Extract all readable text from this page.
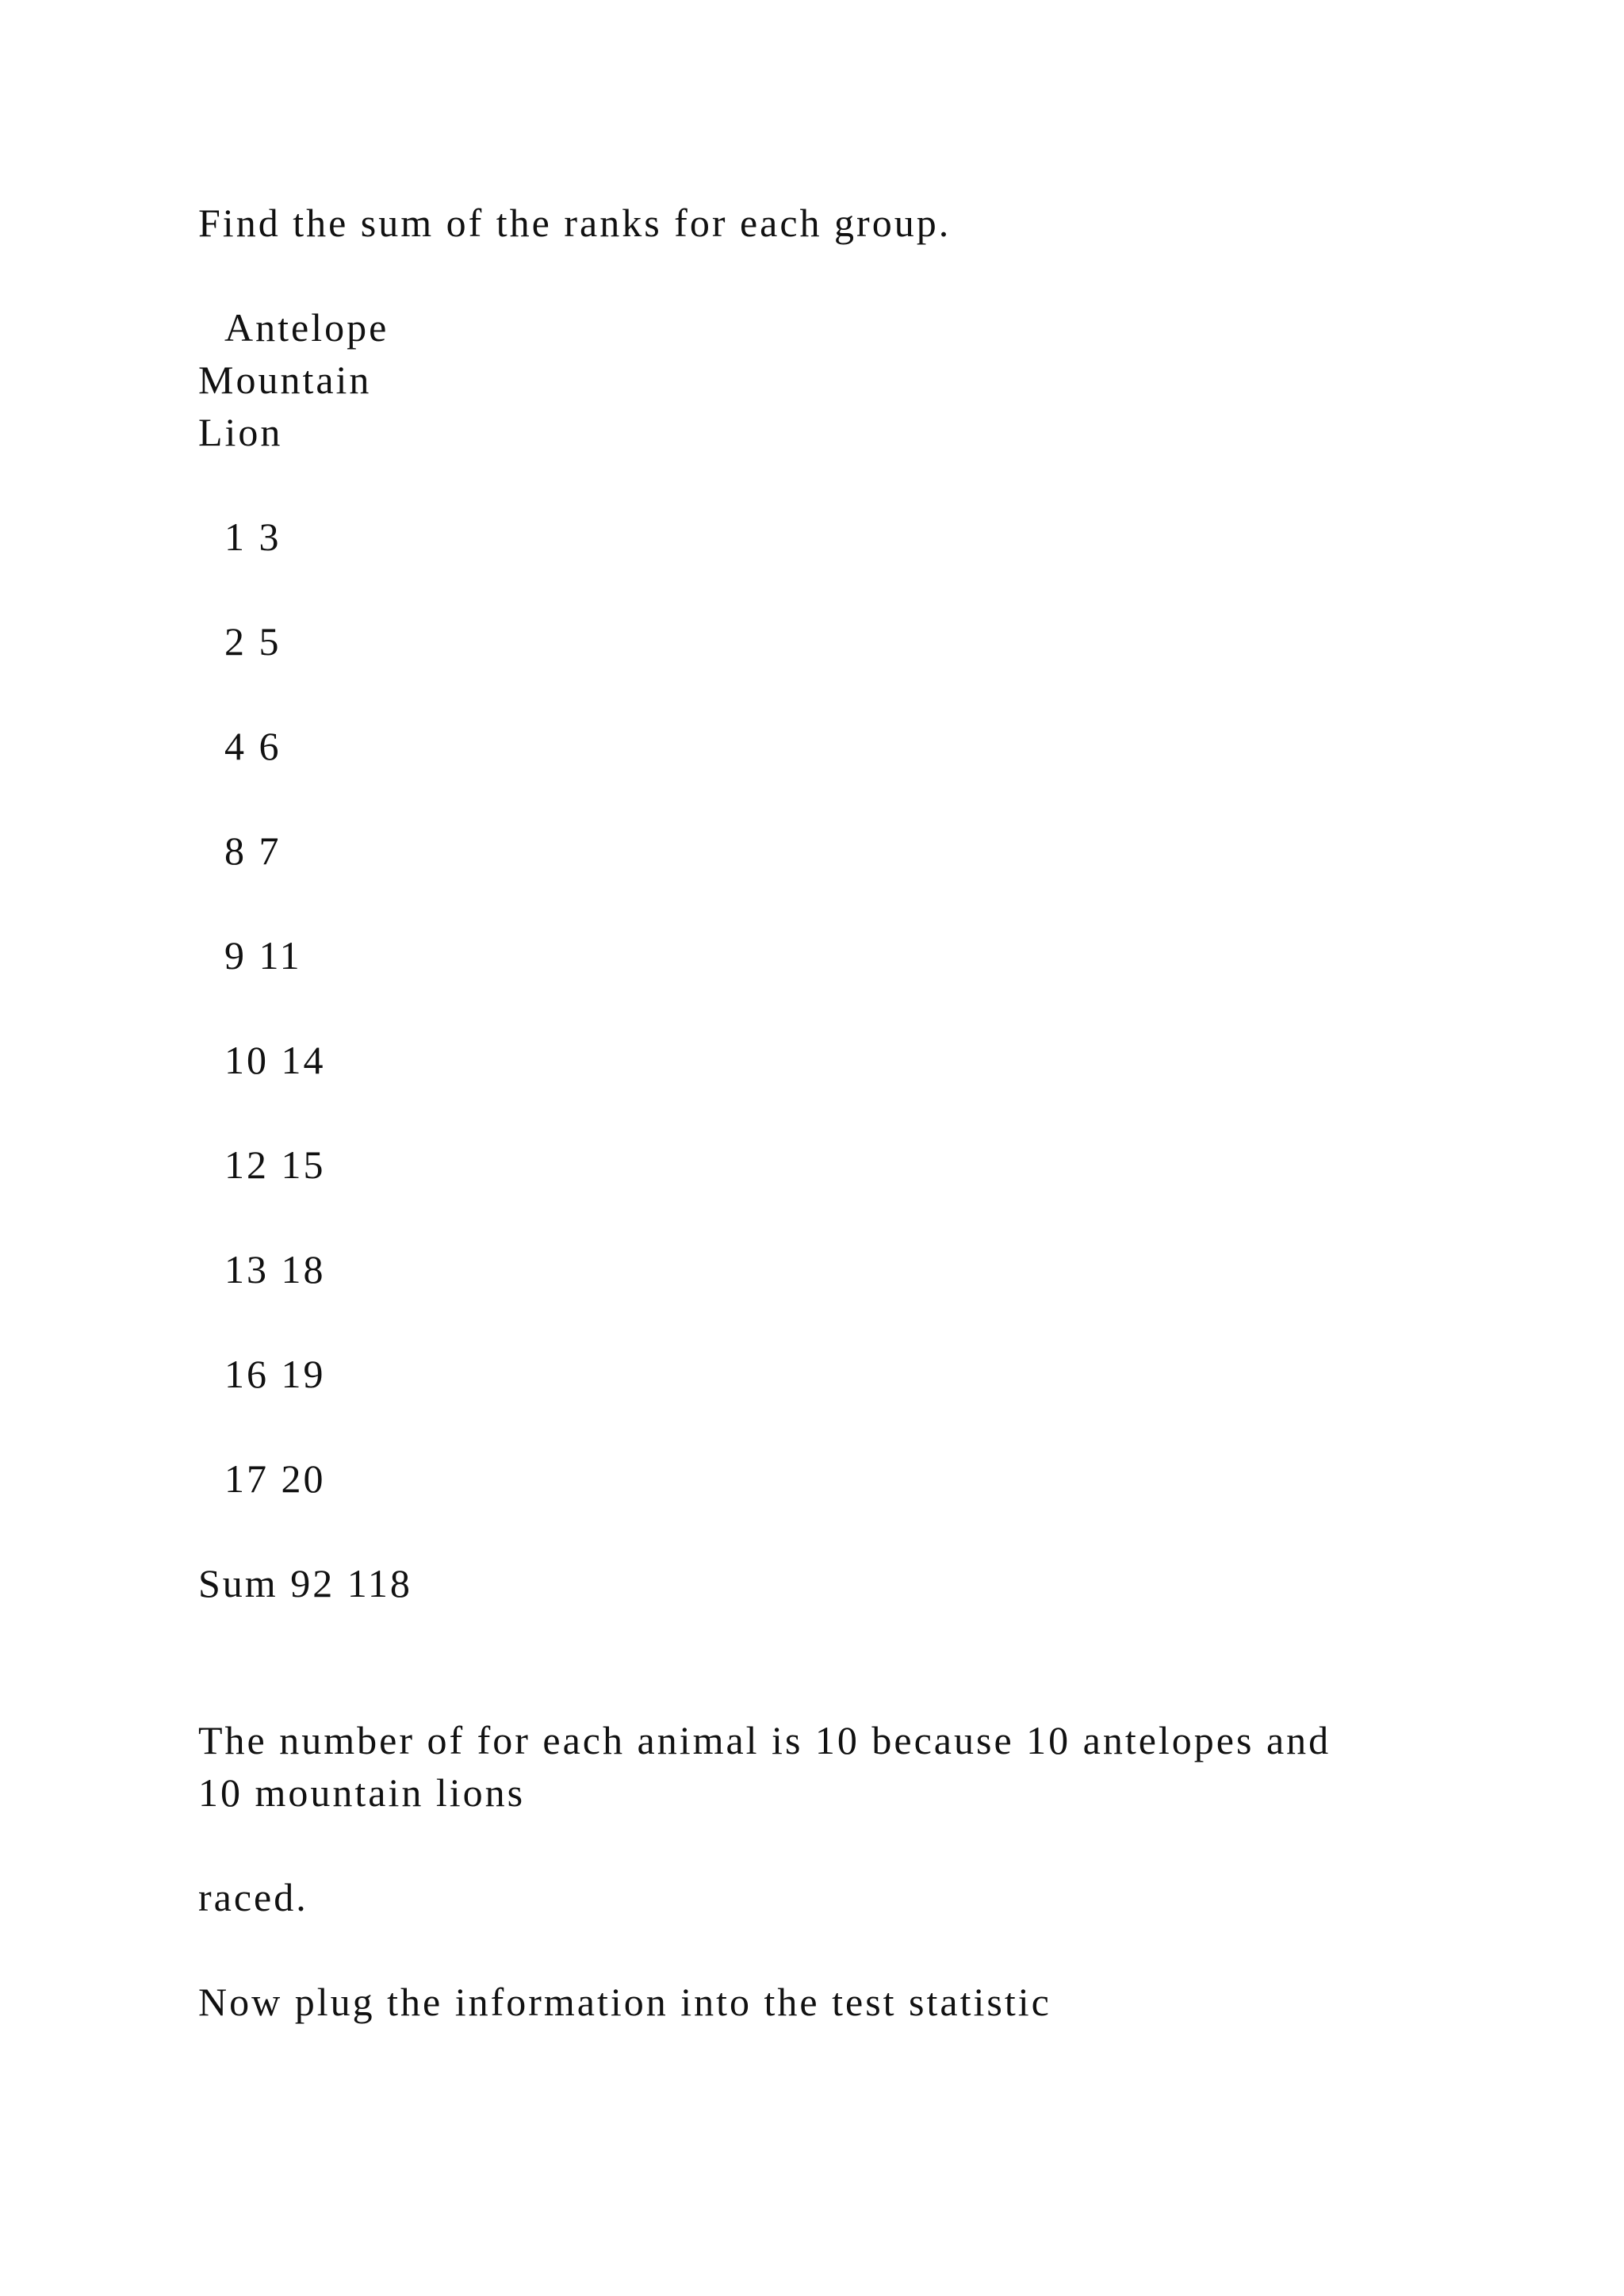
Find the sum of the ranks for each group.

Antelope

Mountain

Lion

1 3

2 5

4 6

8 7

9 11

10 14

12 15

13 18

16 19

17 20

Sum 92 118

The number of for each animal is 10 because 10 antelopes and

10 mountain lions

raced.

Now plug the information into the test statistic
